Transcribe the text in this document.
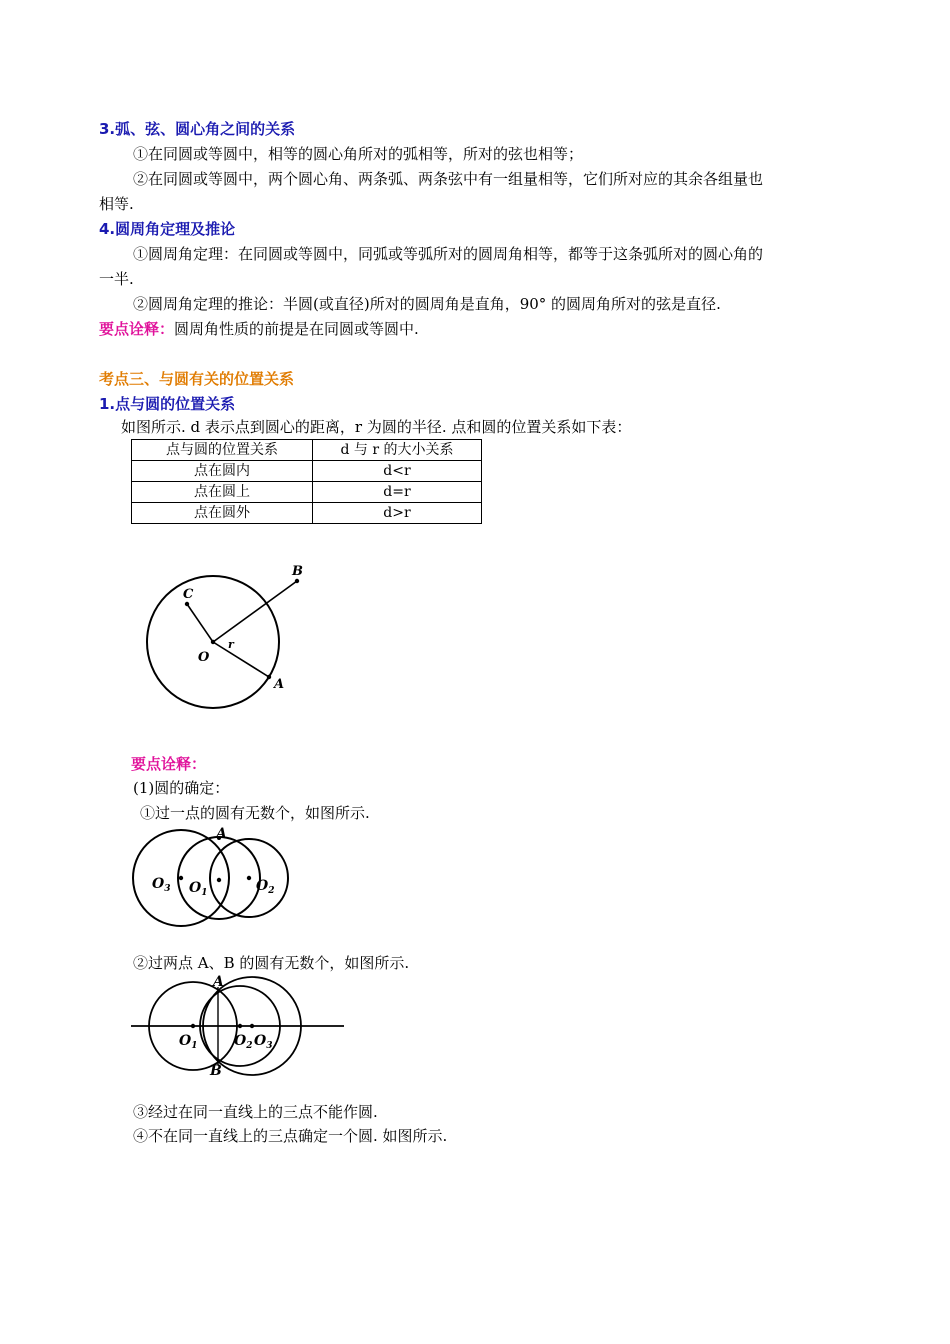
3.弧、弦、圆心角之间的关系
①在同圆或等圆中，相等的圆心角所对的弧相等，所对的弦也相等；
②在同圆或等圆中，两个圆心角、两条弧、两条弦中有一组量相等，它们所对应的其余各组量也
相等.
4.圆周角定理及推论
①圆周角定理：在同圆或等圆中，同弧或等弧所对的圆周角相等，都等于这条弧所对的圆心角的
一半.
②圆周角定理的推论：半圆(或直径)所对的圆周角是直角，90° 的圆周角所对的弦是直径.
要点诠释：圆周角性质的前提是在同圆或等圆中.
考点三、与圆有关的位置关系
1.点与圆的位置关系
如图所示. d 表示点到圆心的距离，r 为圆的半径. 点和圆的位置关系如下表：
点与圆的位置关系	d 与 r 的大小关系
点在圆内	d<r
点在圆上	d=r
点在圆外	d>r
B
C
O
r
A
要点诠释：
(1)圆的确定：
①过一点的圆有无数个，如图所示.
A
$O_3$ $O_1$	$O_2$
②过两点 A、B 的圆有无数个，如图所示.
A
B
$O_1$	$O_2$ $O_3$
③经过在同一直线上的三点不能作圆.
④不在同一直线上的三点确定一个圆. 如图所示.
